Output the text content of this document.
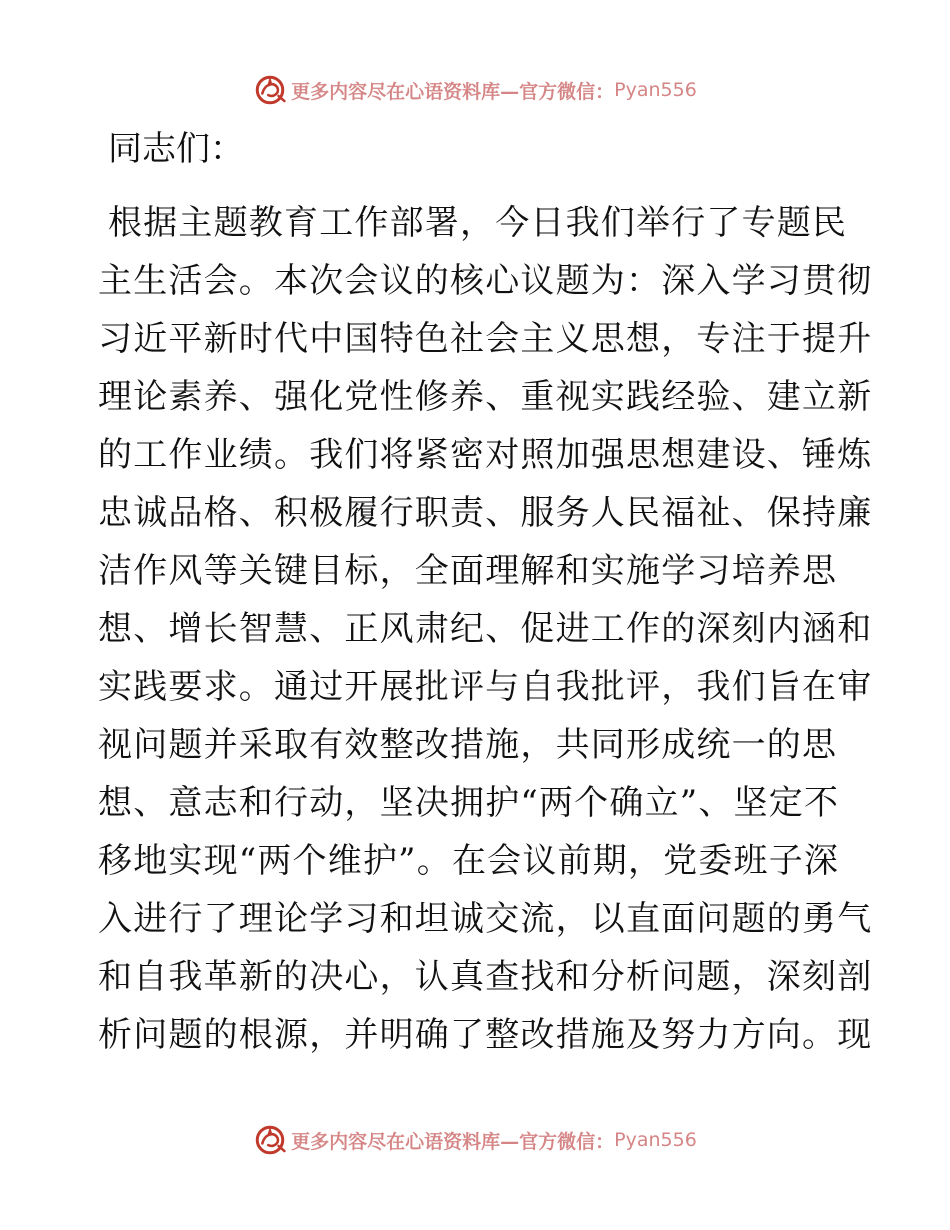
更多内容尽在心语资料库—官方微信： Pyan556

同志们：

根据主题教育工作部署，今日我们举行了专题民
主生活会。本次会议的核心议题为：深入学习贯彻
习近平新时代中国特色社会主义思想，专注于提升
理论素养、强化党性修养、重视实践经验、建立新
的工作业绩。我们将紧密对照加强思想建设、锤炼
忠诚品格、积极履行职责、服务人民福祉、保持廉
洁作风等关键目标，全面理解和实施学习培养思
想、增长智慧、正风肃纪、促进工作的深刻内涵和
实践要求。通过开展批评与自我批评，我们旨在审
视问题并采取有效整改措施，共同形成统一的思
想、意志和行动，坚决拥护“两个确立”、坚定不
移地实现“两个维护”。在会议前期，党委班子深
入进行了理论学习和坦诚交流，以直面问题的勇气
和自我革新的决心，认真查找和分析问题，深刻剖
析问题的根源，并明确了整改措施及努力方向。现
更多内容尽在心语资料库—官方微信： Pyan556
